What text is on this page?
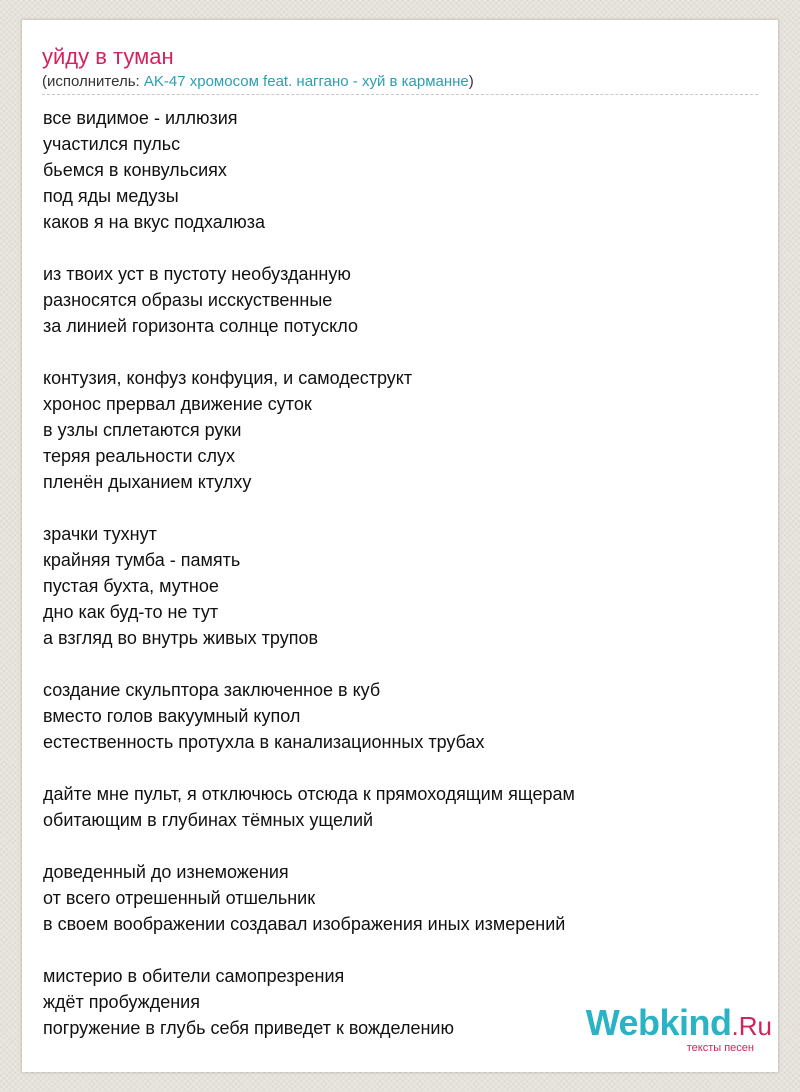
уйду в туман
(исполнитель: AK-47 хромосом feat. наггано - хуй в карманне)
все видимое - иллюзия
участился пульс
бьемся в конвульсиях
под яды медузы
каков я на вкус подхалюза
из твоих уст в пустоту необузданную
разносятся образы исскуственные
за линией горизонта солнце потускло
контузия, конфуз конфуция, и самодеструкт
хронос прервал движение суток
в узлы сплетаются руки
теряя реальности слух
пленён дыханием ктулху
зрачки тухнут
крайняя тумба - память
пустая бухта, мутное
дно как буд-то не тут
а взгляд во внутрь живых трупов
создание скульптора заключенное в куб
вместо голов вакуумный купол
естественность протухла в канализационных трубах
дайте мне пульт, я отключюсь отсюда к прямоходящим ящерам
обитающим в глубинах тёмных ущелий
доведенный до изнеможения
от всего отрешенный отшельник
в своем воображении создавал изображения иных измерений
мистерио в обители самопрезрения
ждёт пробуждения
погружение в глубь себя приведет к вожделению	Webkind.Ru
тексты песен
